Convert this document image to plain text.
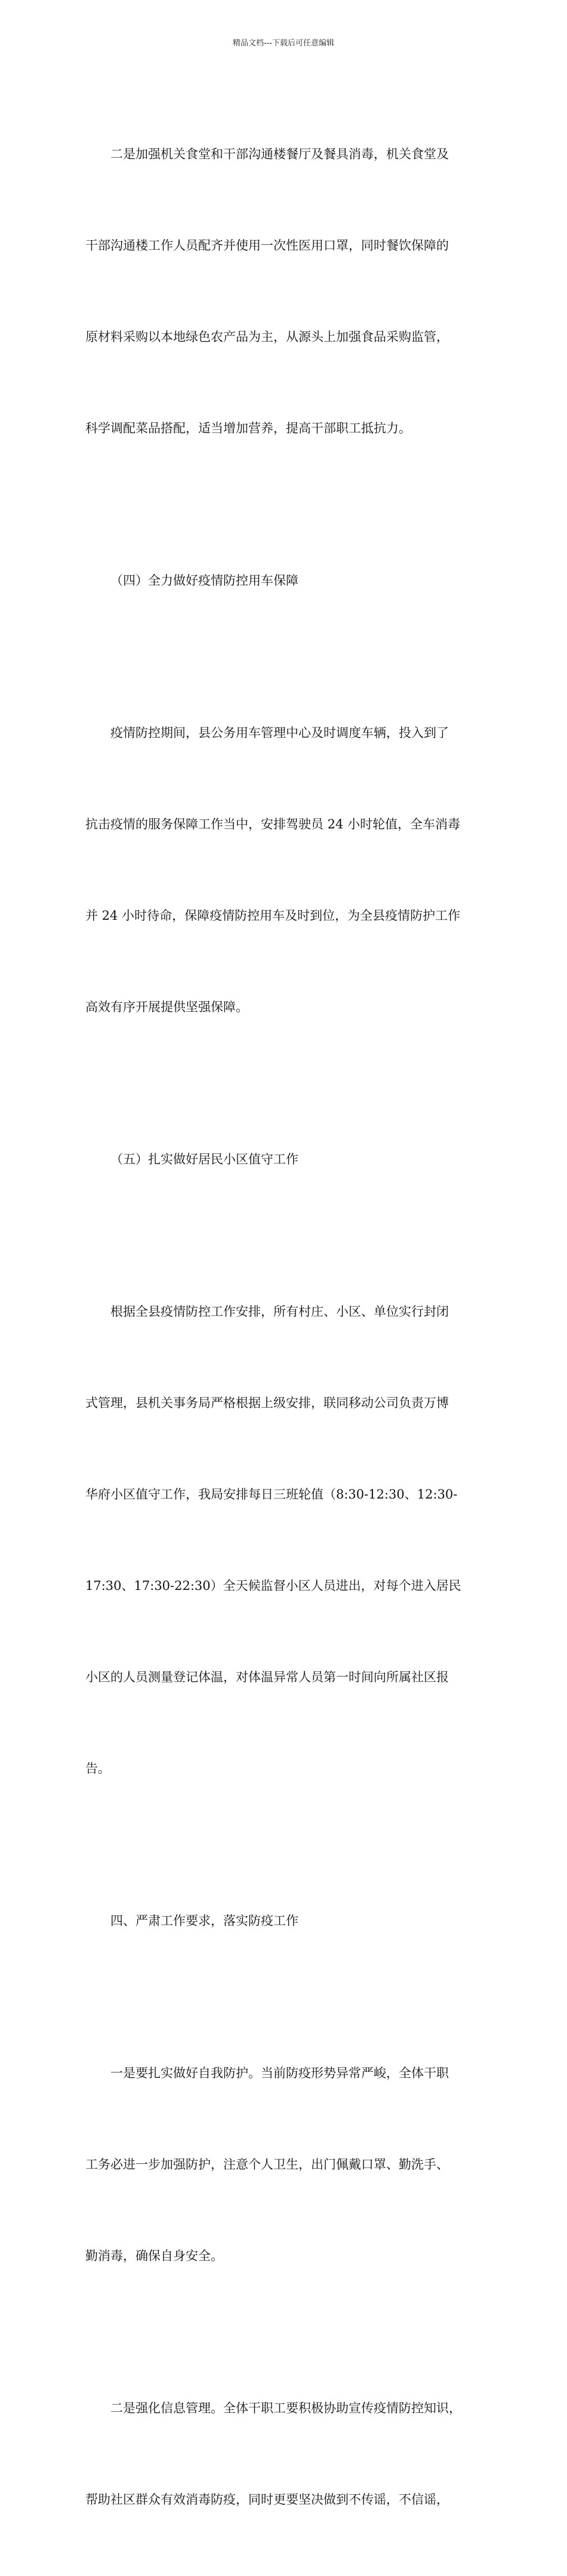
精品文档---下载后可任意编辑

二是加强机关食堂和干部沟通楼餐厅及餐具消毒，机关食堂及

干部沟通楼工作人员配齐并使用一次性医用口罩，同时餐饮保障的

原材料采购以本地绿色农产品为主，从源头上加强食品采购监管，

科学调配菜品搭配，适当增加营养，提高干部职工抵抗力。

（四）全力做好疫情防控用车保障

疫情防控期间，县公务用车管理中心及时调度车辆，投入到了

抗击疫情的服务保障工作当中，安排驾驶员 24 小时轮值，全车消毒

并 24 小时待命，保障疫情防控用车及时到位，为全县疫情防护工作

高效有序开展提供坚强保障。

（五）扎实做好居民小区值守工作

根据全县疫情防控工作安排，所有村庄、小区、单位实行封闭

式管理，县机关事务局严格根据上级安排，联同移动公司负责万博

华府小区值守工作，我局安排每日三班轮值（8:30-12:30、12:30-

17:30、17:30-22:30）全天候监督小区人员进出，对每个进入居民

小区的人员测量登记体温，对体温异常人员第一时间向所属社区报

告。

四、严肃工作要求，落实防疫工作

一是要扎实做好自我防护。当前防疫形势异常严峻，全体干职

工务必进一步加强防护，注意个人卫生，出门佩戴口罩、勤洗手、

勤消毒，确保自身安全。

二是强化信息管理。全体干职工要积极协助宣传疫情防控知识，

帮助社区群众有效消毒防疫，同时更要坚决做到不传谣，不信谣，
